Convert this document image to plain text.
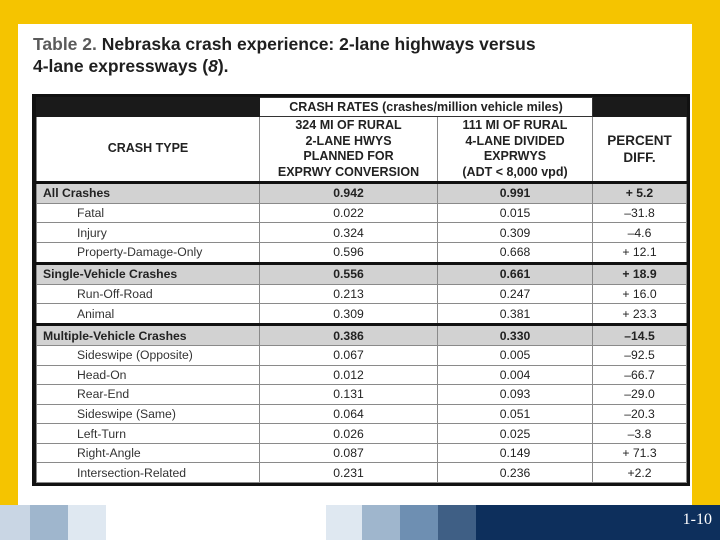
Table 2. Nebraska crash experience: 2-lane highways versus
4-lane expressways (8).
	CRASH RATES (crashes/million vehicle miles)		
CRASH TYPE	324 MI OF RURAL
2-LANE HWYS
PLANNED FOR
EXPRWY CONVERSION	111 MI OF RURAL
4-LANE DIVIDED
EXPRWYS
(ADT < 8,000 vpd)	PERCENT
DIFF.

All Crashes	0.942	0.991	+ 5.2
Fatal	0.022	0.015	–31.8
Injury	0.324	0.309	–4.6
Property-Damage-Only	0.596	0.668	+ 12.1
Single-Vehicle Crashes	0.556	0.661	+ 18.9
Run-Off-Road	0.213	0.247	+ 16.0
Animal	0.309	0.381	+ 23.3
Multiple-Vehicle Crashes	0.386	0.330	–14.5
Sideswipe (Opposite)	0.067	0.005	–92.5
Head-On	0.012	0.004	–66.7
Rear-End	0.131	0.093	–29.0
Sideswipe (Same)	0.064	0.051	–20.3
Left-Turn	0.026	0.025	–3.8
Right-Angle	0.087	0.149	+ 71.3
Intersection-Related	0.231	0.236	+2.2
1-10
